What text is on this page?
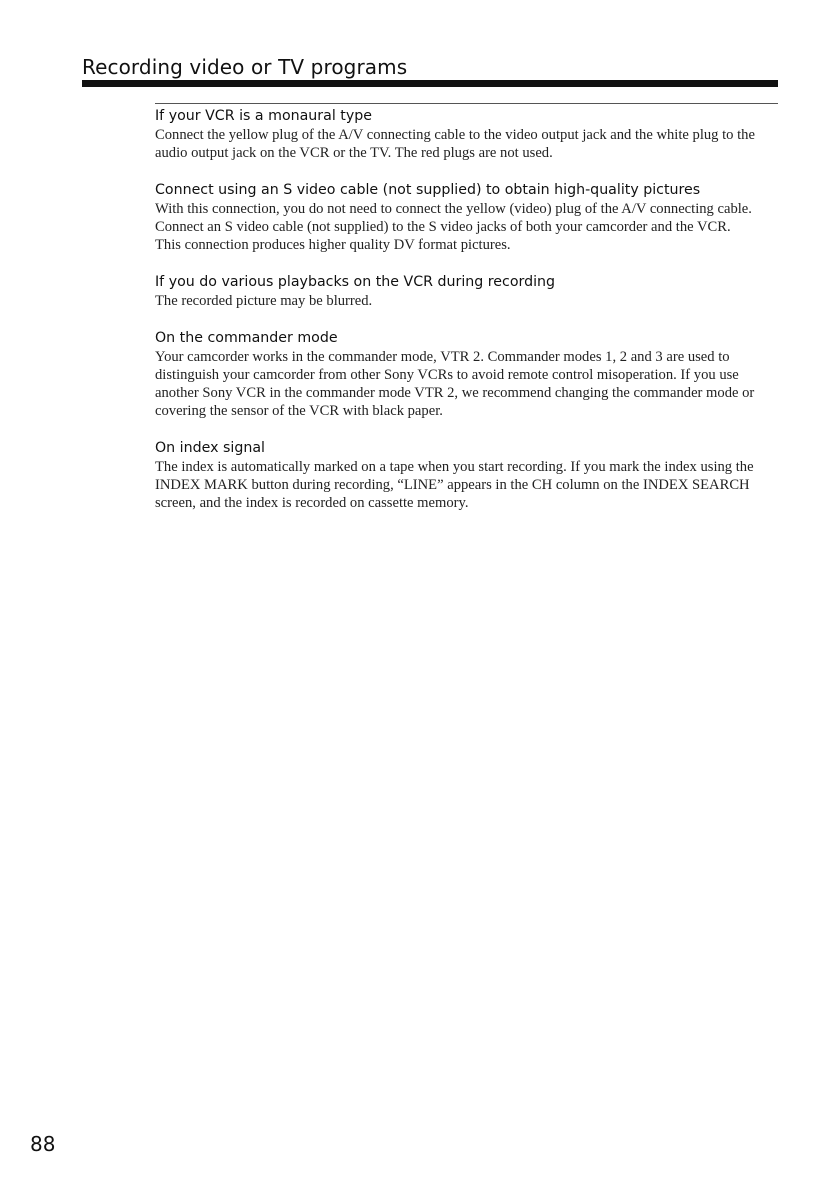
Recording video or TV programs
If your VCR is a monaural type

Connect the yellow plug of the A/V connecting cable to the video output jack and the white plug to the audio output jack on the VCR or the TV. The red plugs are not used.

Connect using an S video cable (not supplied) to obtain high-quality pictures

With this connection, you do not need to connect the yellow (video) plug of the A/V connecting cable.

Connect an S video cable (not supplied) to the S video jacks of both your camcorder and the VCR.

This connection produces higher quality DV format pictures.

If you do various playbacks on the VCR during recording

The recorded picture may be blurred.

On the commander mode

Your camcorder works in the commander mode, VTR 2. Commander modes 1, 2 and 3 are used to distinguish your camcorder from other Sony VCRs to avoid remote control misoperation. If you use another Sony VCR in the commander mode VTR 2, we recommend changing the commander mode or covering the sensor of the VCR with black paper.

On index signal

The index is automatically marked on a tape when you start recording. If you mark the index using the INDEX MARK button during recording, “LINE” appears in the CH column on the INDEX SEARCH screen, and the index is recorded on cassette memory.

88
